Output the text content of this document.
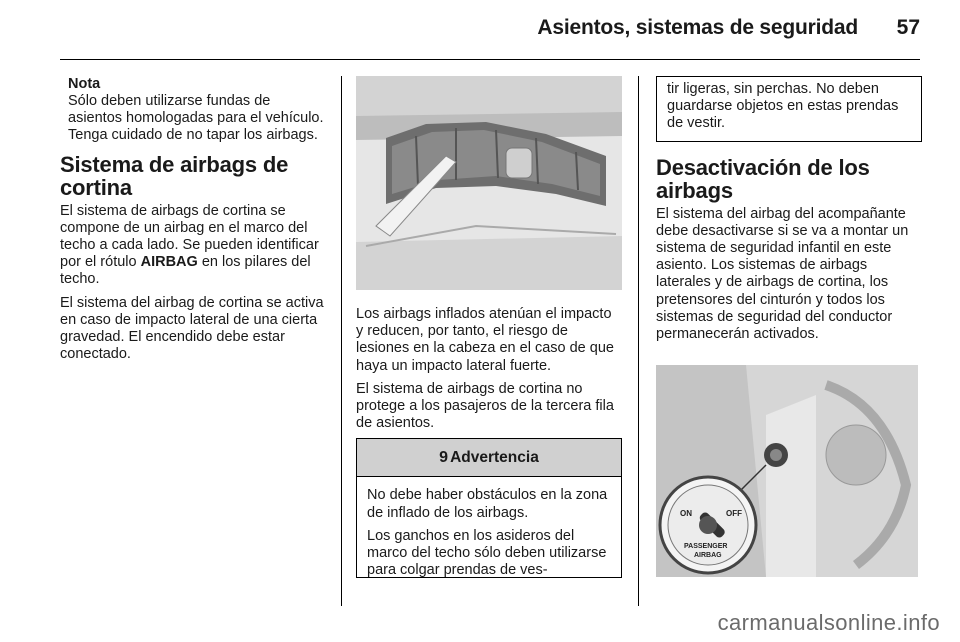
Asientos, sistemas de seguridad 57
Nota

Sólo deben utilizarse fundas de asientos homologadas para el vehículo. Tenga cuidado de no tapar los airbags.

Sistema de airbags de cortina

El sistema de airbags de cortina se compone de un airbag en el marco del techo a cada lado. Se pueden identificar por el rótulo AIRBAG en los pilares del techo.

El sistema del airbag de cortina se activa en caso de impacto lateral de una cierta gravedad. El encendido debe estar conectado.

Los airbags inflados atenúan el impacto y reducen, por tanto, el riesgo de lesiones en la cabeza en el caso de que haya un impacto lateral fuerte.

El sistema de airbags de cortina no protege a los pasajeros de la tercera fila de asientos.

9 Advertencia

No debe haber obstáculos en la zona de inflado de los airbags.

Los ganchos en los asideros del marco del techo sólo deben utilizarse para colgar prendas de ves-

tir ligeras, sin perchas. No deben guardarse objetos en estas prendas de vestir.

Desactivación de los airbags

El sistema del airbag del acompañante debe desactivarse si se va a montar un sistema de seguridad infantil en este asiento. Los sistemas de airbags laterales y de airbags de cortina, los pretensores del cinturón y todos los sistemas de seguridad del conductor permanecerán activados.

ON	OFF
PASSENGER
AIRBAG
carmanualsonline.info
